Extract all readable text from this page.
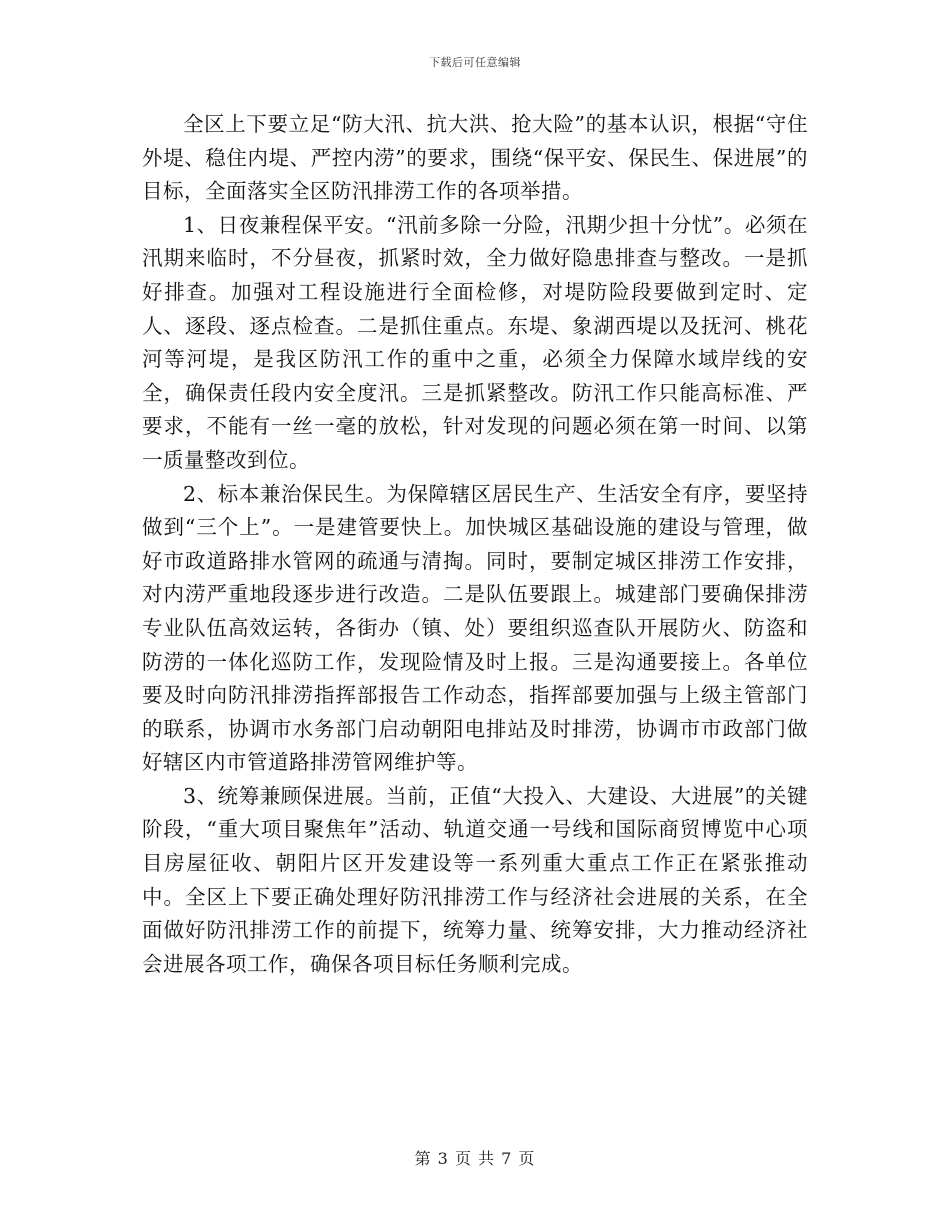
下载后可任意编辑

全区上下要立足“防大汛、抗大洪、抢大险”的基本认识，根据“守住外堤、稳住内堤、严控内涝”的要求，围绕“保平安、保民生、保进展”的目标，全面落实全区防汛排涝工作的各项举措。

1、日夜兼程保平安。“汛前多除一分险，汛期少担十分忧”。必须在汛期来临时，不分昼夜，抓紧时效，全力做好隐患排查与整改。一是抓好排查。加强对工程设施进行全面检修，对堤防险段要做到定时、定人、逐段、逐点检查。二是抓住重点。东堤、象湖西堤以及抚河、桃花河等河堤，是我区防汛工作的重中之重，必须全力保障水域岸线的安全，确保责任段内安全度汛。三是抓紧整改。防汛工作只能高标准、严要求，不能有一丝一毫的放松，针对发现的问题必须在第一时间、以第一质量整改到位。

2、标本兼治保民生。为保障辖区居民生产、生活安全有序，要坚持做到“三个上”。一是建管要快上。加快城区基础设施的建设与管理，做好市政道路排水管网的疏通与清掏。同时，要制定城区排涝工作安排，对内涝严重地段逐步进行改造。二是队伍要跟上。城建部门要确保排涝专业队伍高效运转，各街办（镇、处）要组织巡查队开展防火、防盗和防涝的一体化巡防工作，发现险情及时上报。三是沟通要接上。各单位要及时向防汛排涝指挥部报告工作动态，指挥部要加强与上级主管部门的联系，协调市水务部门启动朝阳电排站及时排涝，协调市市政部门做好辖区内市管道路排涝管网维护等。

3、统筹兼顾保进展。当前，正值“大投入、大建设、大进展”的关键阶段，“重大项目聚焦年”活动、轨道交通一号线和国际商贸博览中心项目房屋征收、朝阳片区开发建设等一系列重大重点工作正在紧张推动中。全区上下要正确处理好防汛排涝工作与经济社会进展的关系，在全面做好防汛排涝工作的前提下，统筹力量、统筹安排，大力推动经济社会进展各项工作，确保各项目标任务顺利完成。

第 3 页 共 7 页
